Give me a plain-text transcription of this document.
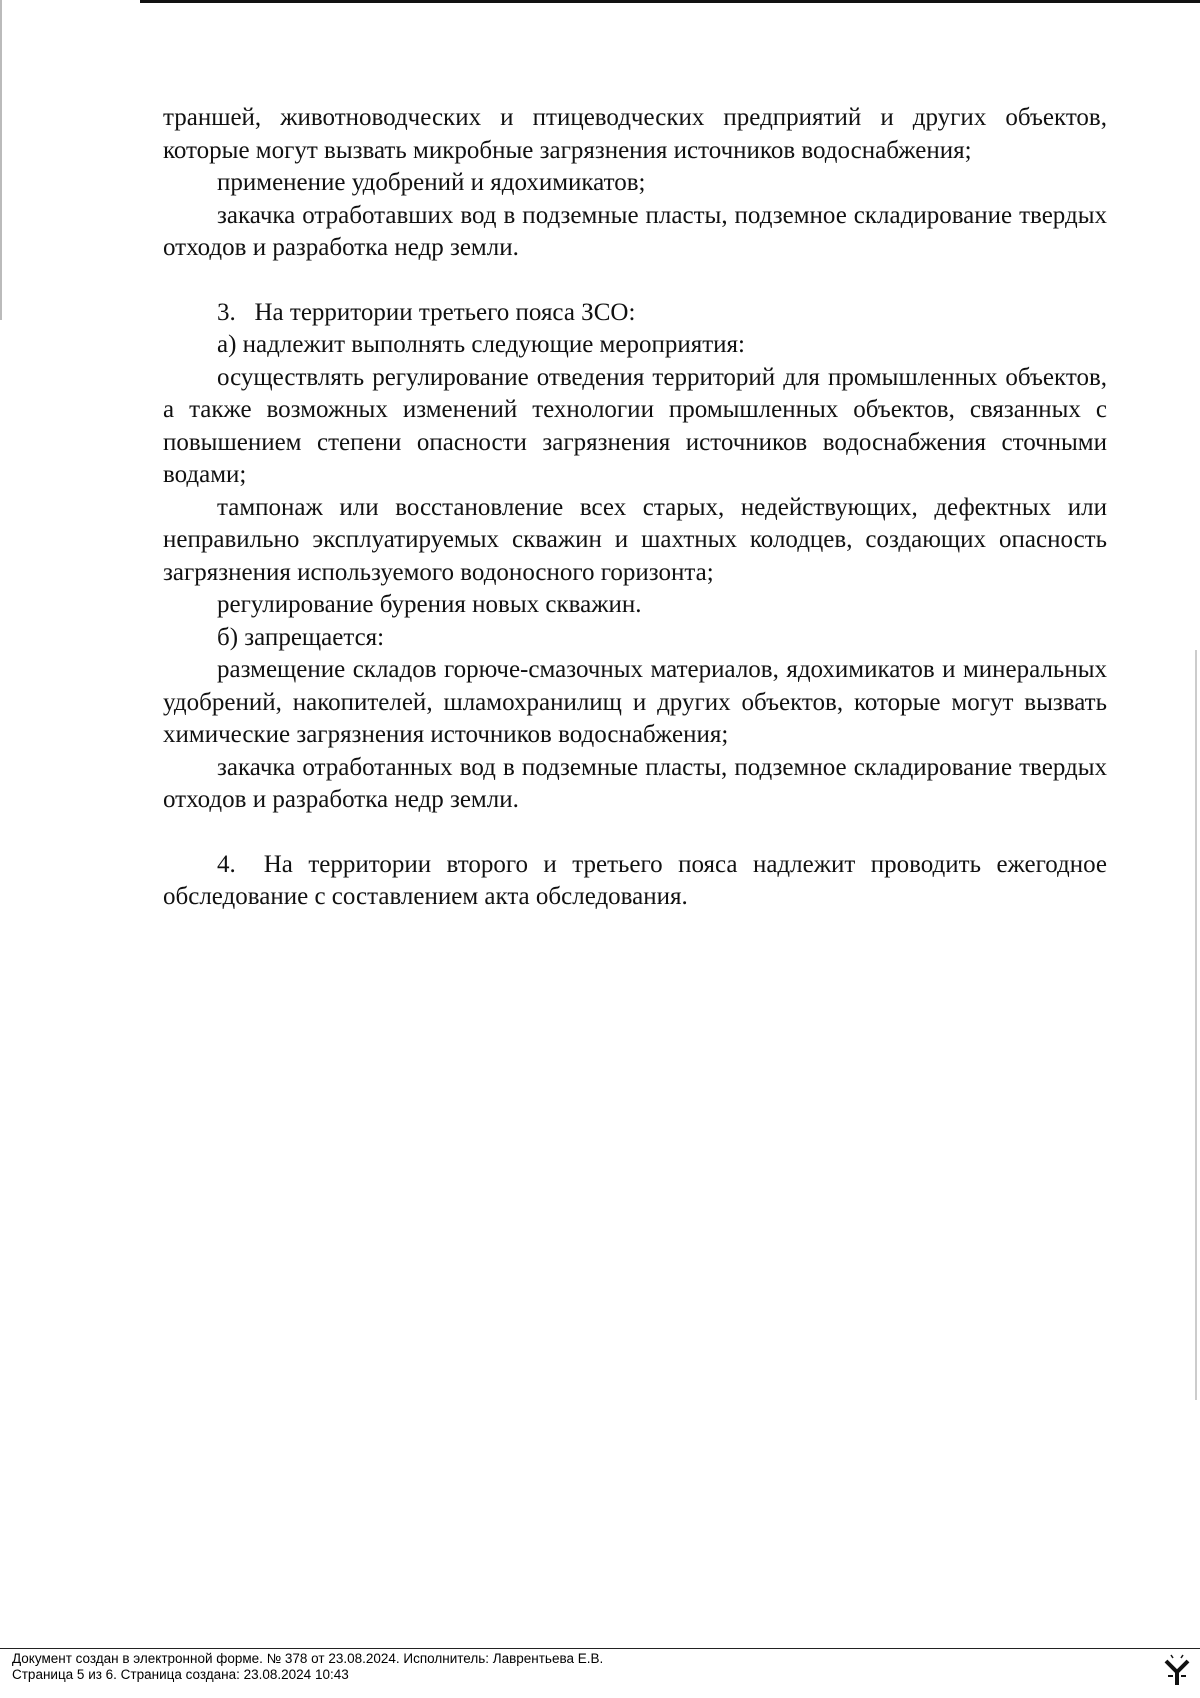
траншей, животноводческих и птицеводческих предприятий и других объектов, которые могут вызвать микробные загрязнения источников водоснабжения;

применение удобрений и ядохимикатов;

закачка отработавших вод в подземные пласты, подземное складирование твердых отходов и разработка недр земли.

3.  На территории третьего пояса ЗСО:

а) надлежит выполнять следующие мероприятия:

осуществлять регулирование отведения территорий для промышленных объектов, а также возможных изменений технологии промышленных объектов, связанных с повышением степени опасности загрязнения источников водоснабжения сточными водами;

тампонаж или восстановление всех старых, недействующих, дефектных или неправильно эксплуатируемых скважин и шахтных колодцев, создающих опасность загрязнения используемого водоносного горизонта;

регулирование бурения новых скважин.

б) запрещается:

размещение складов горюче-смазочных материалов, ядохимикатов и минеральных удобрений, накопителей, шламохранилищ и других объектов, которые могут вызвать химические загрязнения источников водоснабжения;

закачка отработанных вод в подземные пласты, подземное складирование твердых отходов и разработка недр земли.

4.  На территории второго и третьего пояса надлежит проводить ежегодное обследование с составлением акта обследования.

Документ создан в электронной форме. № 378 от 23.08.2024. Исполнитель: Лаврентьева Е.В.
Страница 5 из 6. Страница создана: 23.08.2024 10:43
